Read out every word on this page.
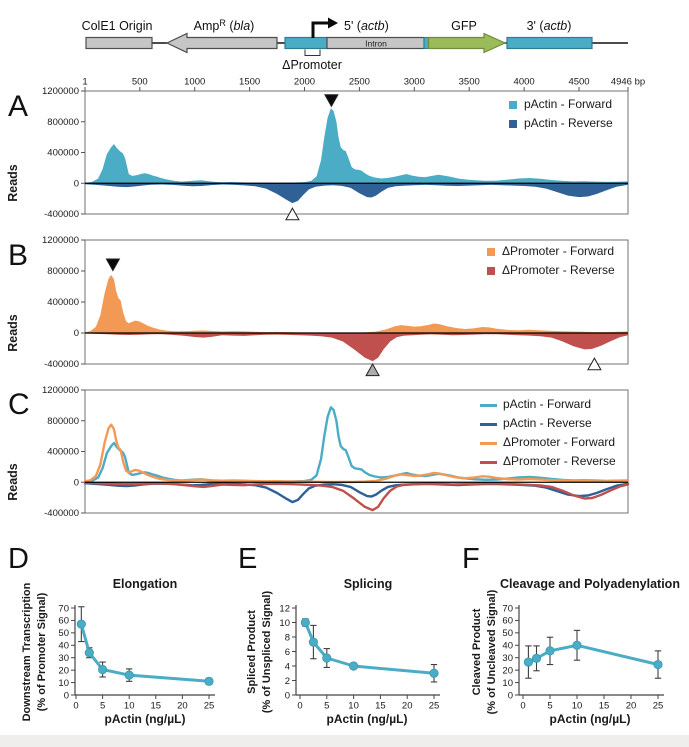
ColE1 Origin	Amp$^R$ (bla)	5' (actb)	GFP	3' (actb)
Intron
ΔPromoter
1	500	1000	1500	2000	2500	3000	3500	4000	4500 4946 bp
1200000
800000
400000
0
-400000
1200000
800000
400000
0
-400000
1200000
800000
400000
0
-400000
A
B
C
Reads
Reads
Reads
pActin - Forward
pActin - Reverse
ΔPromoter - Forward
ΔPromoter - Reverse
pActin - Forward
pActin - Reverse
ΔPromoter - Forward
ΔPromoter - Reverse
D	E	F
Elongation	Splicing	Cleavage and Polyadenylation
Downstream Transcription (% of Promoter Signal)	Spliced Product (% of Unspliced Signal)	Cleaved Product (% of Uncleaved Signal)
0
10
20
30
40
50
60
70
0 5 10 15 20 25
0
2
4
6
8
10
12
0 5 10 15 20 25
0
10
20
30
40
50
60
70
0 5 10 15 20 25
pActin (ng/µL)	pActin (ng/µL)	pActin (ng/µL)
